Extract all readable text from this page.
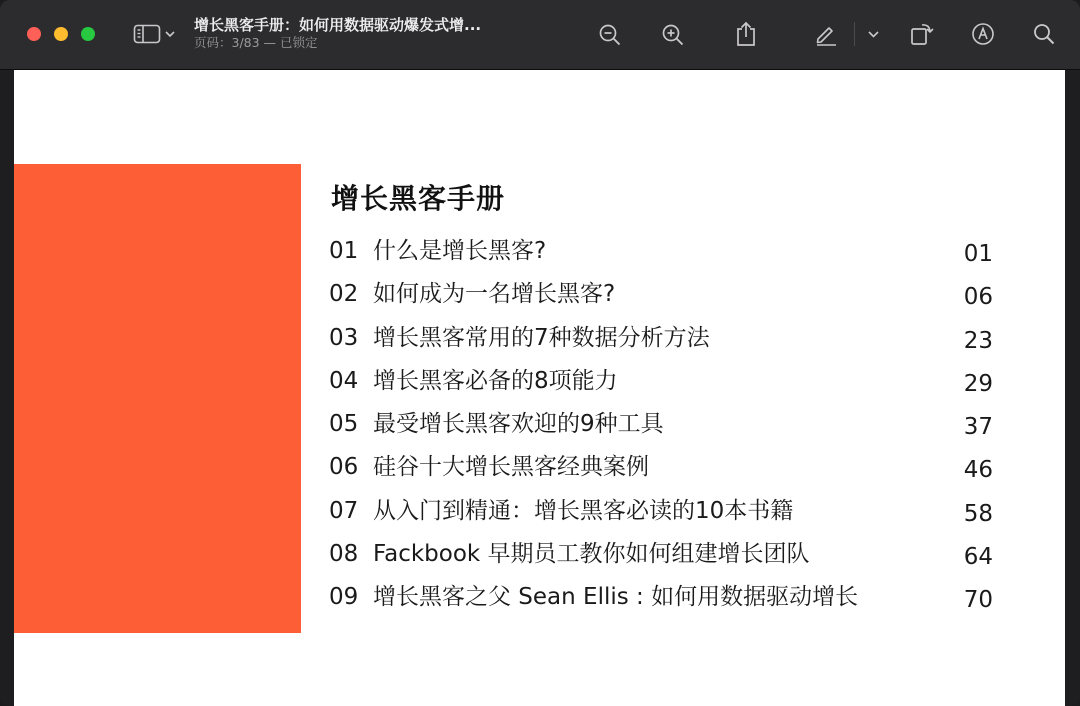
增长黑客手册：如何用数据驱动爆发式增...
页码：3/83 — 已锁定
增长黑客手册
01 什么是增长黑客?	01
02 如何成为一名增长黑客?	06
03 增长黑客常用的7种数据分析方法	23
04 增长黑客必备的8项能力	29
05 最受增长黑客欢迎的9种工具	37
06 硅谷十大增长黑客经典案例	46
07 从入门到精通：增长黑客必读的10本书籍	58
08 Fackbook 早期员工教你如何组建增长团队	64
09 增长黑客之父 Sean Ellis : 如何用数据驱动增长	70
